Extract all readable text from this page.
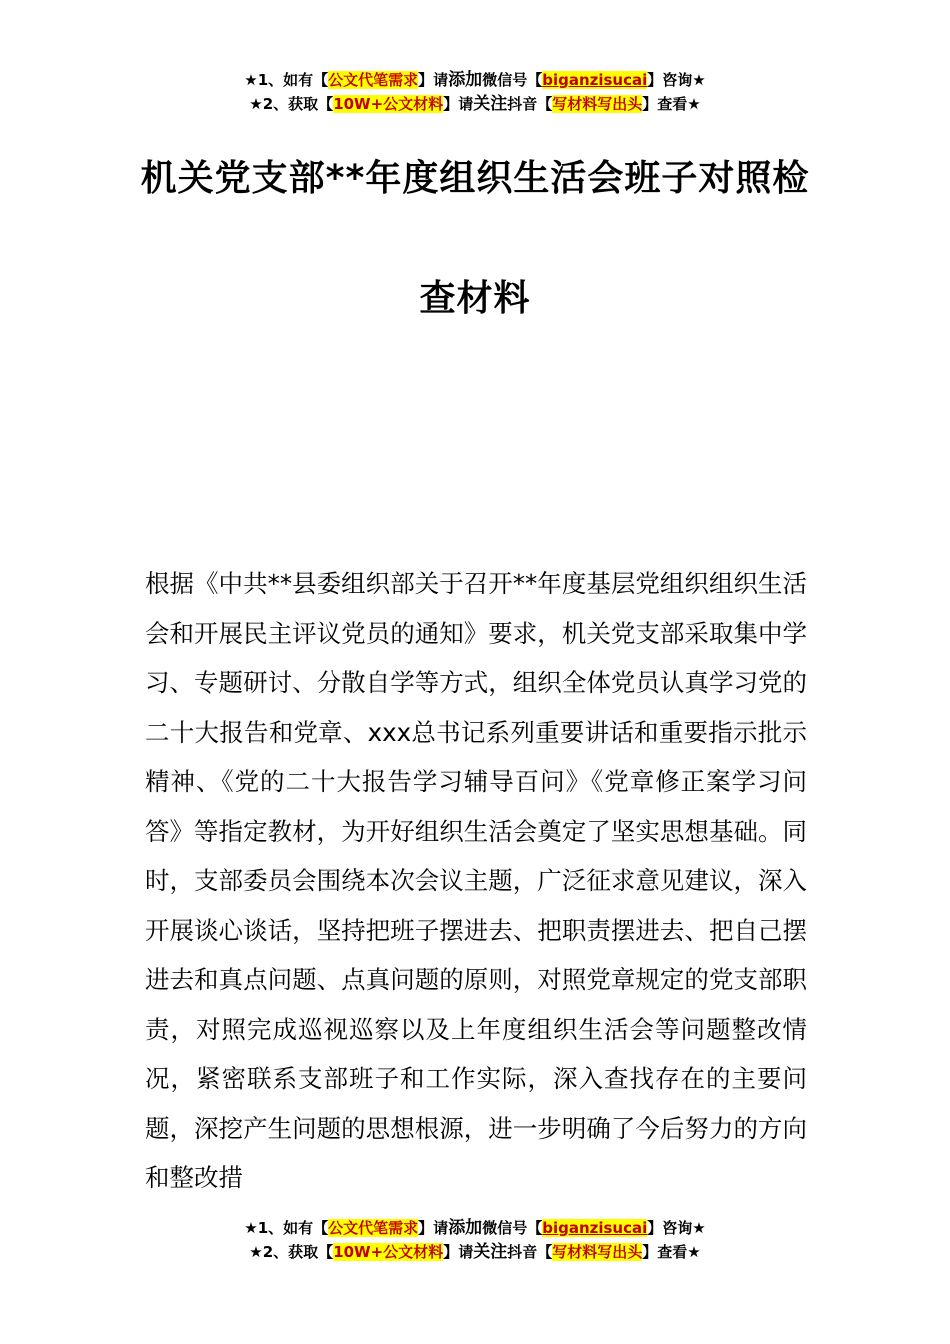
★1、如有【公文代笔需求】请添加微信号【biganzisucai】咨询★
★2、获取【10W+公文材料】请关注抖音【写材料写出头】查看★
机关党支部**年度组织生活会班子对照检
查材料
根据《中共**县委组织部关于召开**年度基层党组织组织生活会和开展民主评议党员的通知》要求，机关党支部采取集中学习、专题研讨、分散自学等方式，组织全体党员认真学习党的二十大报告和党章、xxx总书记系列重要讲话和重要指示批示精神、《党的二十大报告学习辅导百问》《党章修正案学习问答》等指定教材，为开好组织生活会奠定了坚实思想基础。同时，支部委员会围绕本次会议主题，广泛征求意见建议，深入开展谈心谈话，坚持把班子摆进去、把职责摆进去、把自己摆进去和真点问题、点真问题的原则，对照党章规定的党支部职责，对照完成巡视巡察以及上年度组织生活会等问题整改情况，紧密联系支部班子和工作实际，深入查找存在的主要问题，深挖产生问题的思想根源，进一步明确了今后努力的方向和整改措
★1、如有【公文代笔需求】请添加微信号【biganzisucai】咨询★
★2、获取【10W+公文材料】请关注抖音【写材料写出头】查看★
